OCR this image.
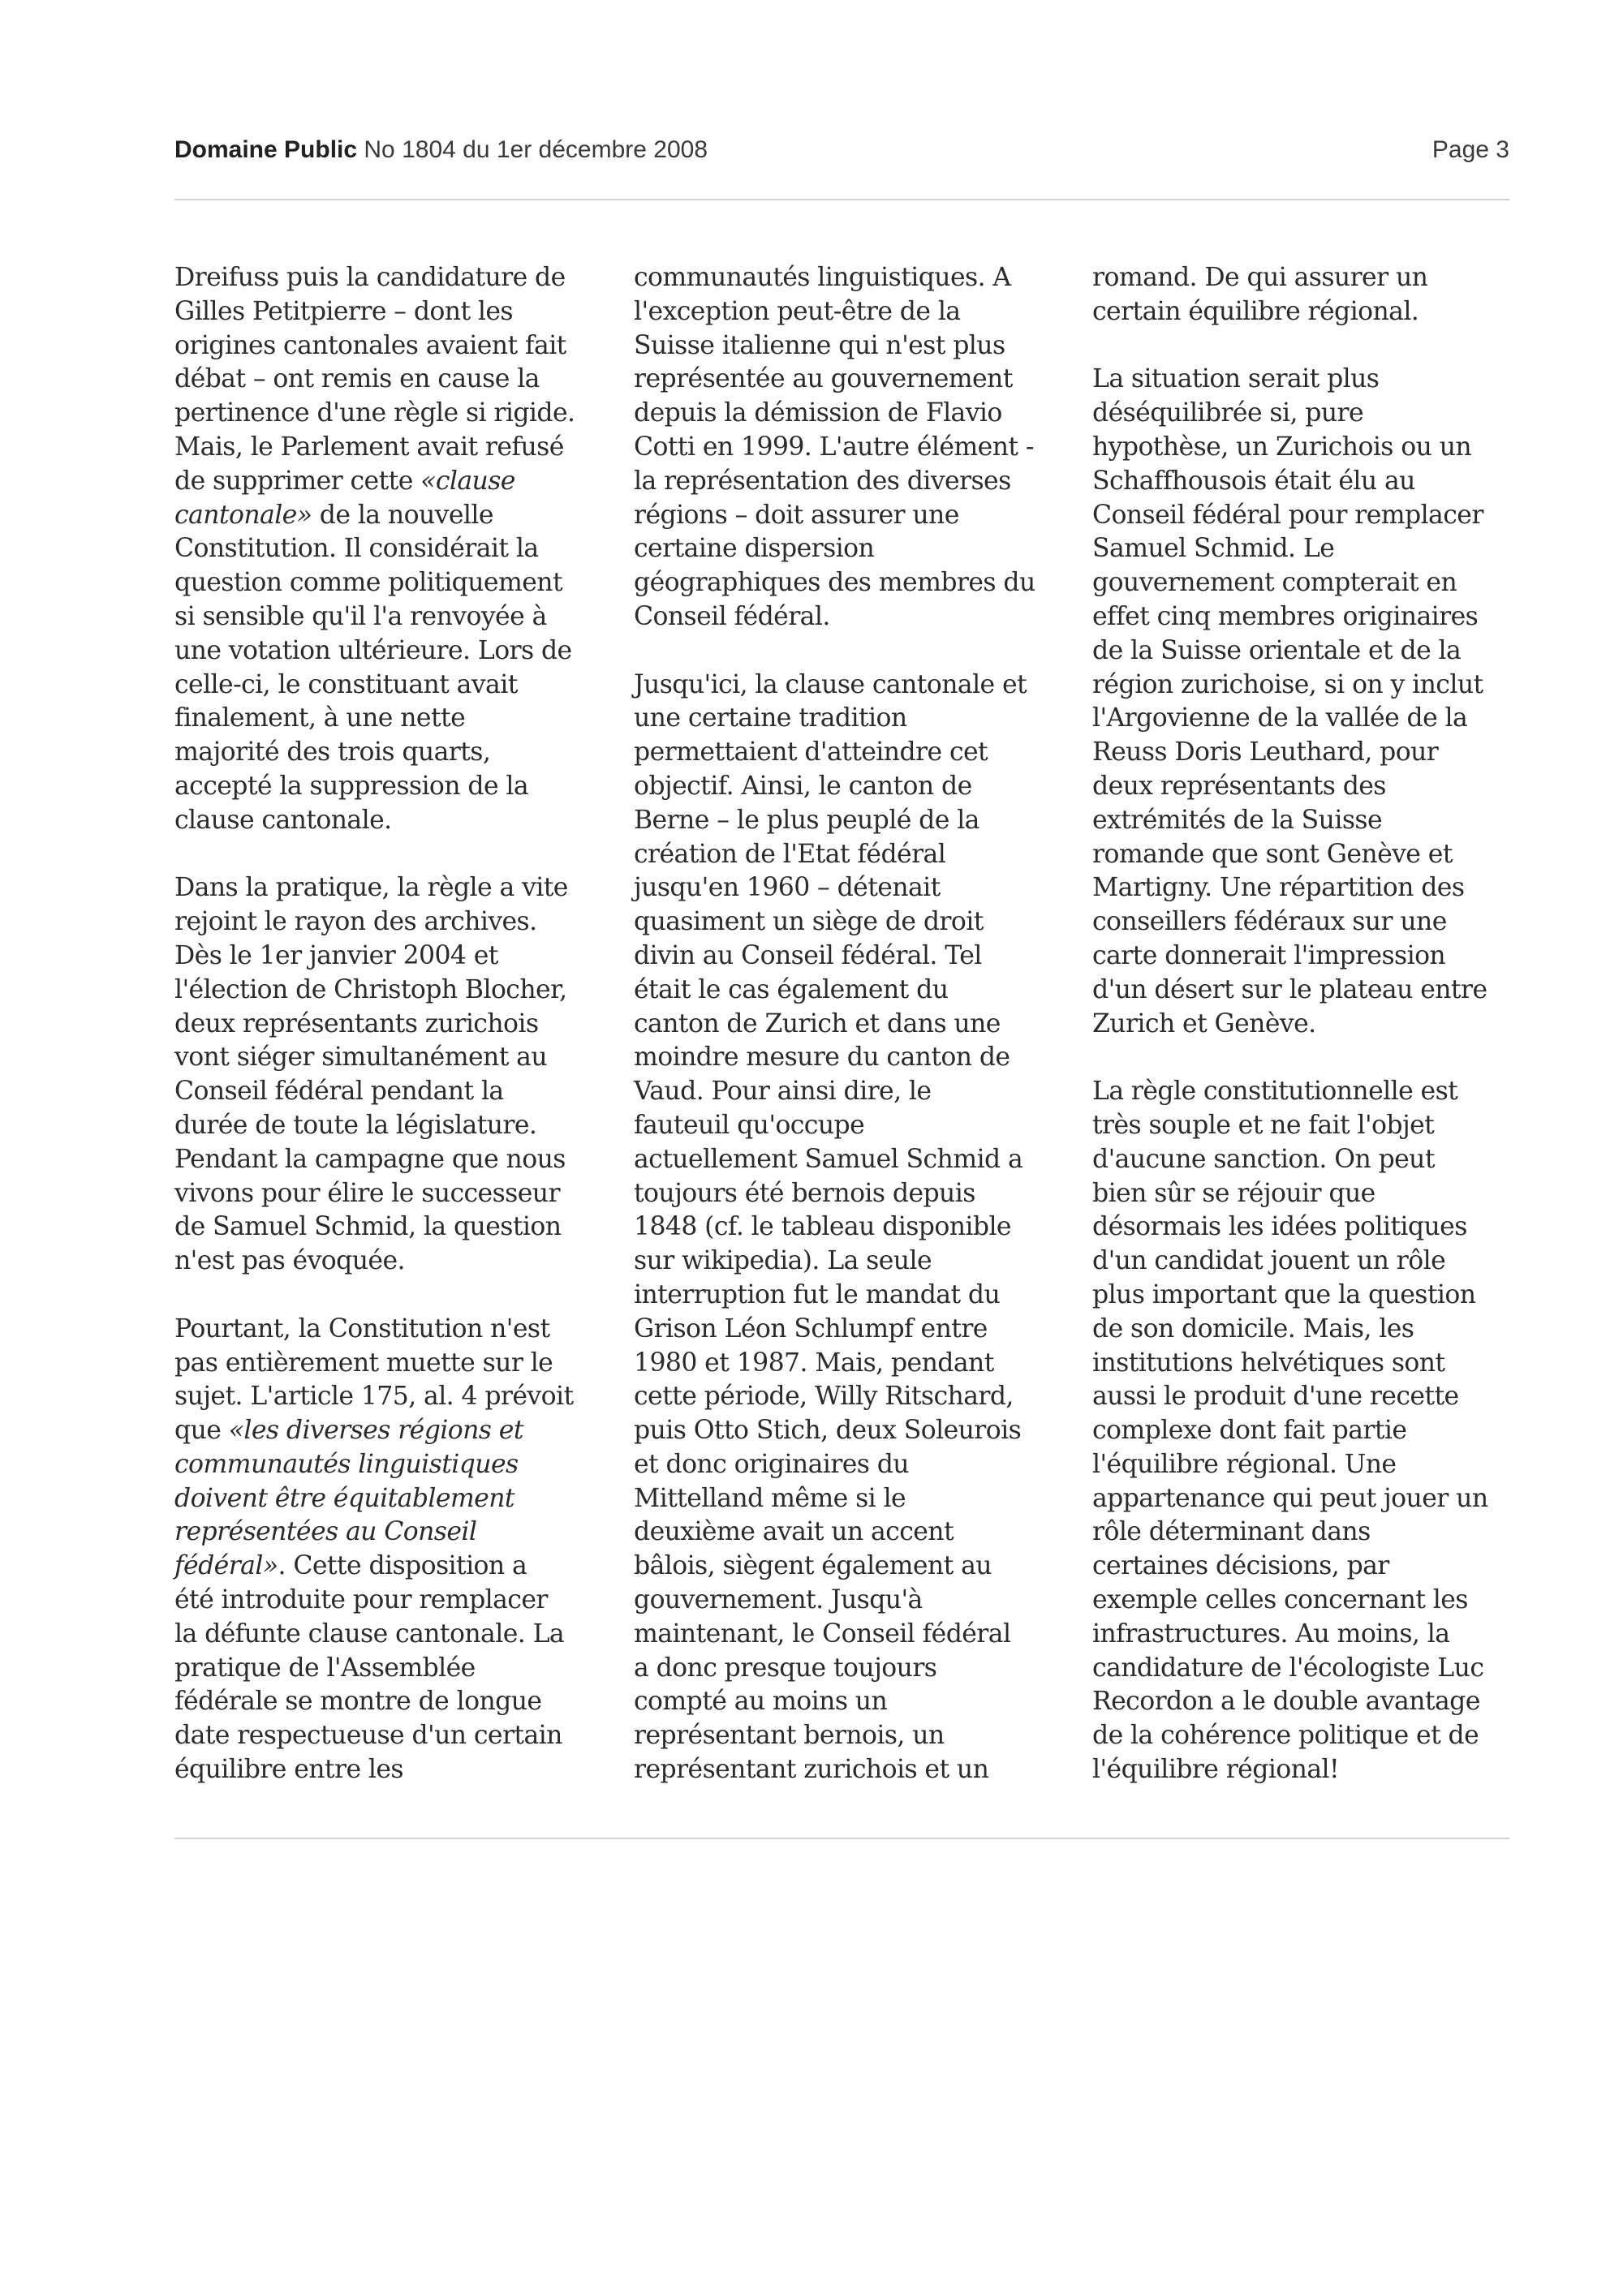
Domaine Public No 1804 du 1er décembre 2008	Page 3
Dreifuss puis la candidature de
Gilles Petitpierre – dont les
origines cantonales avaient fait
débat – ont remis en cause la
pertinence d'une règle si rigide.
Mais, le Parlement avait refusé
de supprimer cette «clause
cantonale» de la nouvelle
Constitution. Il considérait la
question comme politiquement
si sensible qu'il l'a renvoyée à
une votation ultérieure. Lors de
celle-ci, le constituant avait
finalement, à une nette
majorité des trois quarts,
accepté la suppression de la
clause cantonale.
Dans la pratique, la règle a vite
rejoint le rayon des archives.
Dès le 1er janvier 2004 et
l'élection de Christoph Blocher,
deux représentants zurichois
vont siéger simultanément au
Conseil fédéral pendant la
durée de toute la législature.
Pendant la campagne que nous
vivons pour élire le successeur
de Samuel Schmid, la question
n'est pas évoquée.
Pourtant, la Constitution n'est
pas entièrement muette sur le
sujet. L'article 175, al. 4 prévoit
que «les diverses régions et
communautés linguistiques
doivent être équitablement
représentées au Conseil
fédéral». Cette disposition a
été introduite pour remplacer
la défunte clause cantonale. La
pratique de l'Assemblée
fédérale se montre de longue
date respectueuse d'un certain
équilibre entre les
communautés linguistiques. A
l'exception peut-être de la
Suisse italienne qui n'est plus
représentée au gouvernement
depuis la démission de Flavio
Cotti en 1999. L'autre élément -
la représentation des diverses
régions – doit assurer une
certaine dispersion
géographiques des membres du
Conseil fédéral.
Jusqu'ici, la clause cantonale et
une certaine tradition
permettaient d'atteindre cet
objectif. Ainsi, le canton de
Berne – le plus peuplé de la
création de l'Etat fédéral
jusqu'en 1960 – détenait
quasiment un siège de droit
divin au Conseil fédéral. Tel
était le cas également du
canton de Zurich et dans une
moindre mesure du canton de
Vaud. Pour ainsi dire, le
fauteuil qu'occupe
actuellement Samuel Schmid a
toujours été bernois depuis
1848 (cf. le tableau disponible
sur wikipedia). La seule
interruption fut le mandat du
Grison Léon Schlumpf entre
1980 et 1987. Mais, pendant
cette période, Willy Ritschard,
puis Otto Stich, deux Soleurois
et donc originaires du
Mittelland même si le
deuxième avait un accent
bâlois, siègent également au
gouvernement. Jusqu'à
maintenant, le Conseil fédéral
a donc presque toujours
compté au moins un
représentant bernois, un
représentant zurichois et un
romand. De qui assurer un
certain équilibre régional.
La situation serait plus
déséquilibrée si, pure
hypothèse, un Zurichois ou un
Schaffhousois était élu au
Conseil fédéral pour remplacer
Samuel Schmid. Le
gouvernement compterait en
effet cinq membres originaires
de la Suisse orientale et de la
région zurichoise, si on y inclut
l'Argovienne de la vallée de la
Reuss Doris Leuthard, pour
deux représentants des
extrémités de la Suisse
romande que sont Genève et
Martigny. Une répartition des
conseillers fédéraux sur une
carte donnerait l'impression
d'un désert sur le plateau entre
Zurich et Genève.
La règle constitutionnelle est
très souple et ne fait l'objet
d'aucune sanction. On peut
bien sûr se réjouir que
désormais les idées politiques
d'un candidat jouent un rôle
plus important que la question
de son domicile. Mais, les
institutions helvétiques sont
aussi le produit d'une recette
complexe dont fait partie
l'équilibre régional. Une
appartenance qui peut jouer un
rôle déterminant dans
certaines décisions, par
exemple celles concernant les
infrastructures. Au moins, la
candidature de l'écologiste Luc
Recordon a le double avantage
de la cohérence politique et de
l'équilibre régional!
